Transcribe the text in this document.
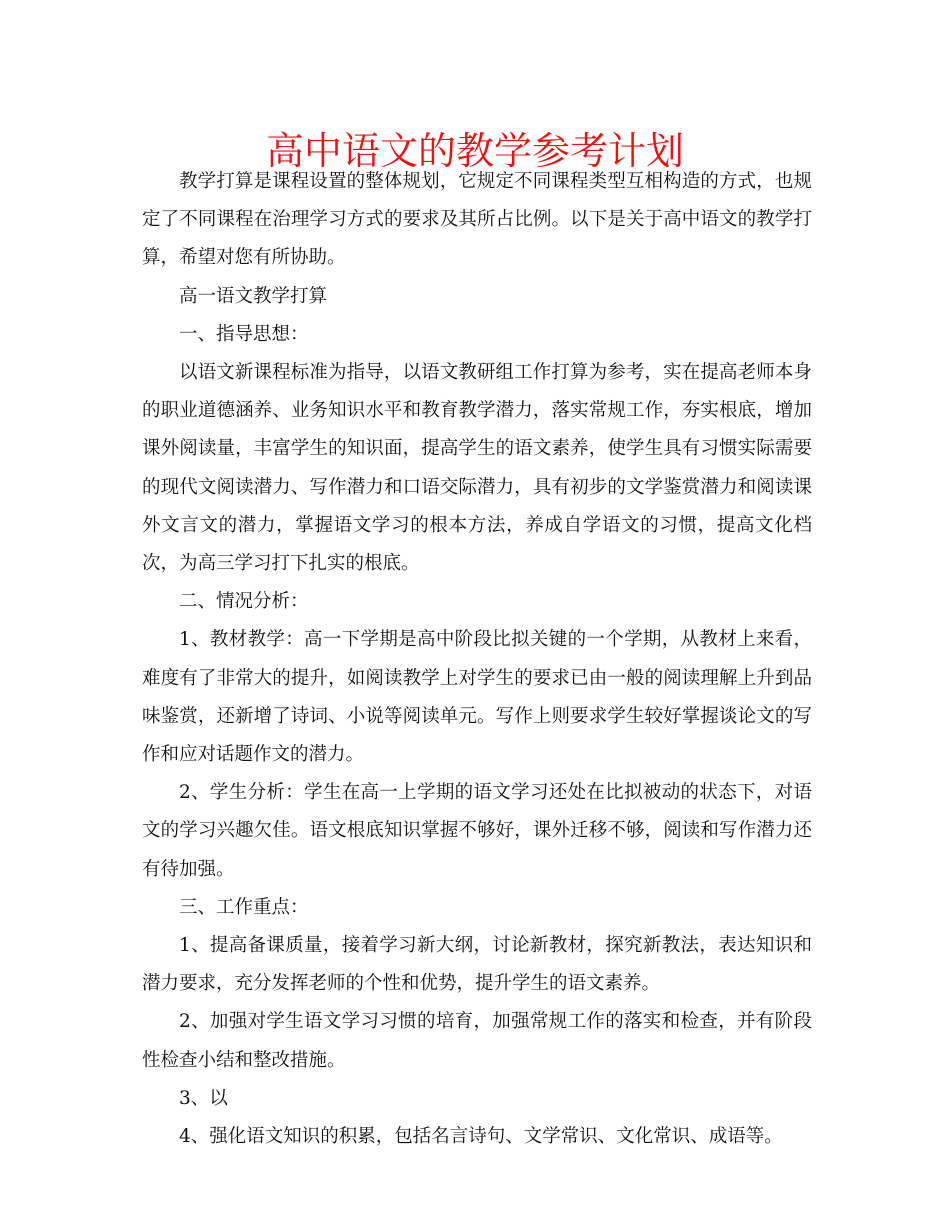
高中语文的教学参考计划

教学打算是课程设置的整体规划，它规定不同课程类型互相构造的方式，也规定了不同课程在治理学习方式的要求及其所占比例。以下是关于高中语文的教学打算，希望对您有所协助。

高一语文教学打算

一、指导思想：

以语文新课程标准为指导，以语文教研组工作打算为参考，实在提高老师本身的职业道德涵养、业务知识水平和教育教学潜力，落实常规工作，夯实根底，增加课外阅读量，丰富学生的知识面，提高学生的语文素养，使学生具有习惯实际需要的现代文阅读潜力、写作潜力和口语交际潜力，具有初步的文学鉴赏潜力和阅读课外文言文的潜力，掌握语文学习的根本方法，养成自学语文的习惯，提高文化档次，为高三学习打下扎实的根底。

二、情况分析：

1、教材教学：高一下学期是高中阶段比拟关键的一个学期，从教材上来看，难度有了非常大的提升，如阅读教学上对学生的要求已由一般的阅读理解上升到品味鉴赏，还新增了诗词、小说等阅读单元。写作上则要求学生较好掌握谈论文的写作和应对话题作文的潜力。

2、学生分析：学生在高一上学期的语文学习还处在比拟被动的状态下，对语文的学习兴趣欠佳。语文根底知识掌握不够好，课外迁移不够，阅读和写作潜力还有待加强。

三、工作重点：

1、提高备课质量，接着学习新大纲，讨论新教材，探究新教法，表达知识和潜力要求，充分发挥老师的个性和优势，提升学生的语文素养。

2、加强对学生语文学习习惯的培育，加强常规工作的落实和检查，并有阶段性检查小结和整改措施。

3、以

4、强化语文知识的积累，包括名言诗句、文学常识、文化常识、成语等。
